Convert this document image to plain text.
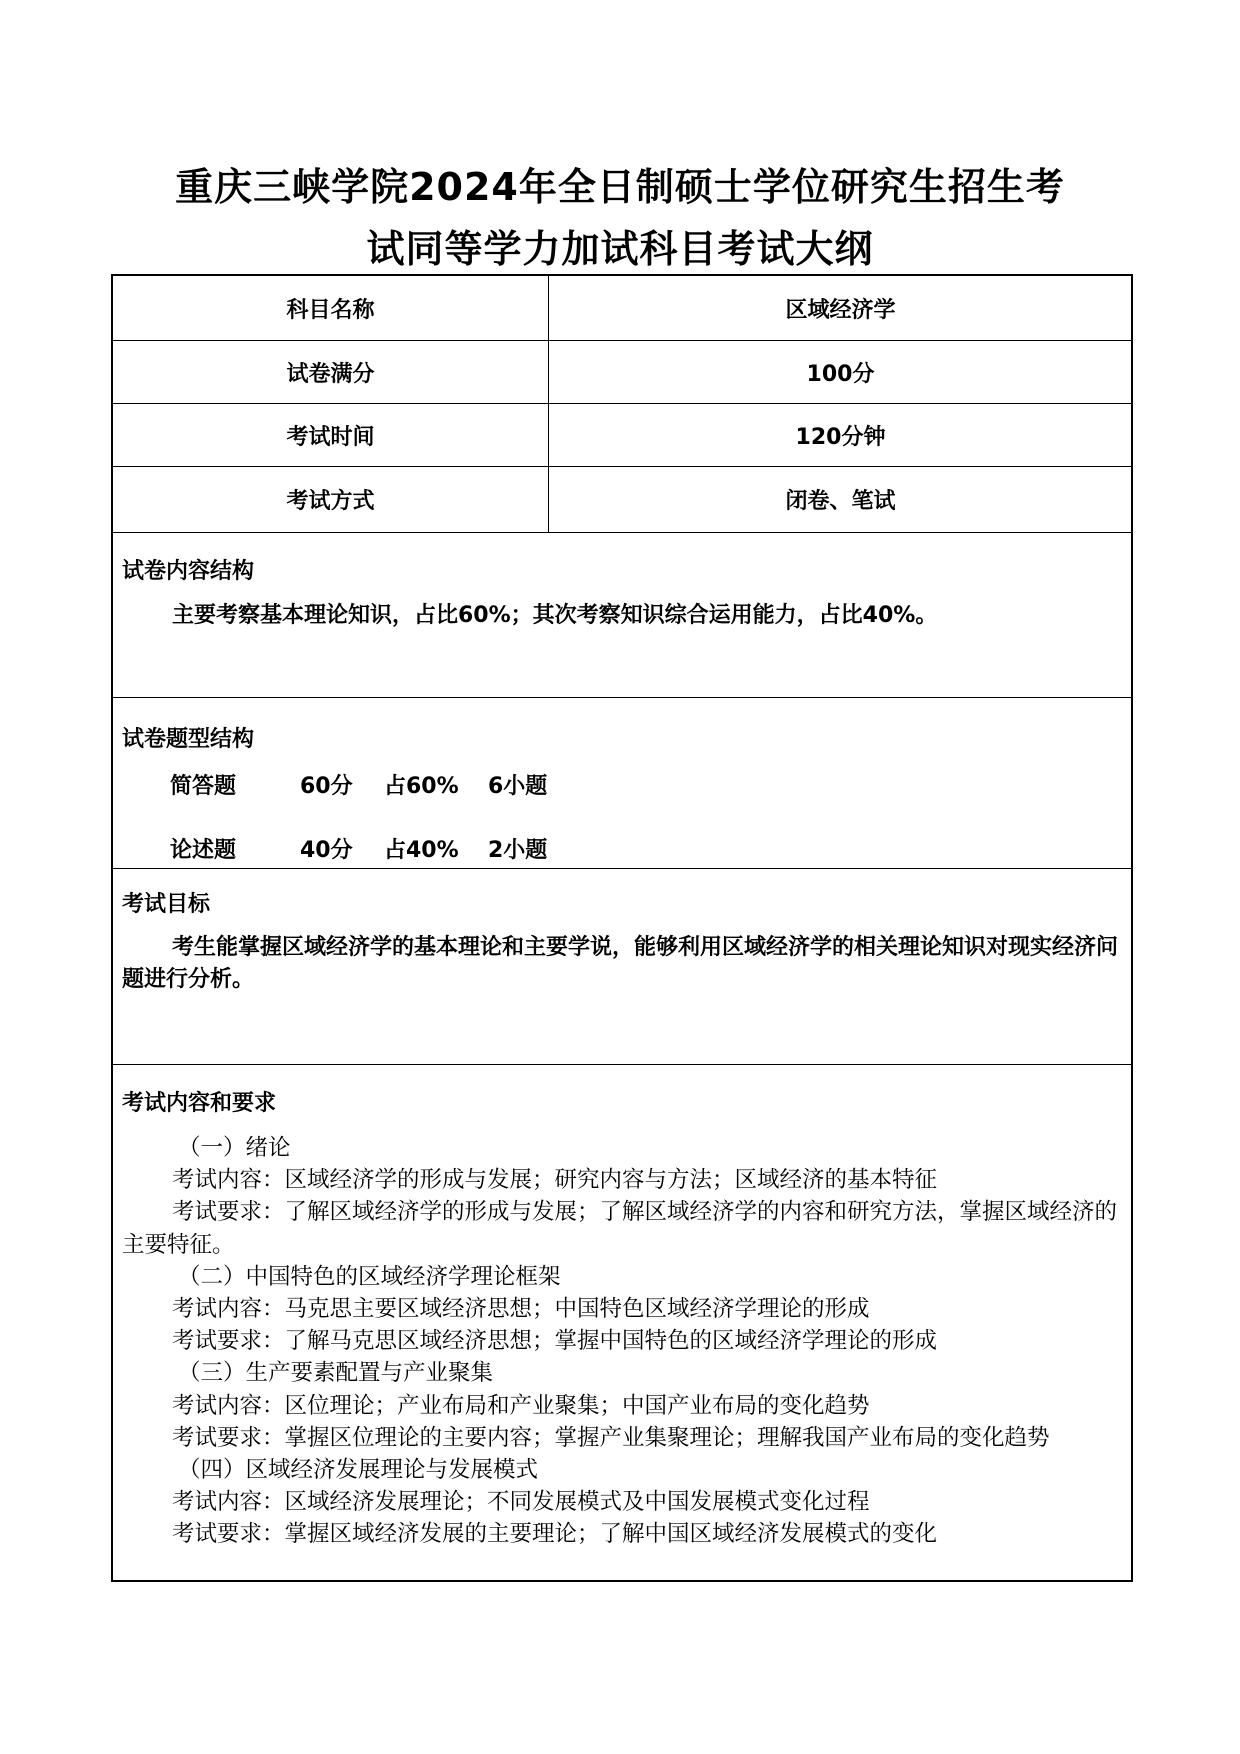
重庆三峡学院2024年全日制硕士学位研究生招生考
试同等学力加试科目考试大纲
科目名称	区域经济学
试卷满分	100分
考试时间	120分钟
考试方式	闭卷、笔试
试卷内容结构
主要考察基本理论知识，占比60%；其次考察知识综合运用能力，占比40%。
试卷题型结构
简答题	60分	占60%	6小题
论述题	40分	占40%	2小题
考试目标
考生能掌握区域经济学的基本理论和主要学说，能够利用区域经济学的相关理论知识对现实经济问题进行分析。
考试内容和要求
（一）绪论
考试内容：区域经济学的形成与发展；研究内容与方法；区域经济的基本特征
考试要求：了解区域经济学的形成与发展；了解区域经济学的内容和研究方法，掌握区域经济的主要特征。
（二）中国特色的区域经济学理论框架
考试内容：马克思主要区域经济思想；中国特色区域经济学理论的形成
考试要求：了解马克思区域经济思想；掌握中国特色的区域经济学理论的形成
（三）生产要素配置与产业聚集
考试内容：区位理论；产业布局和产业聚集；中国产业布局的变化趋势
考试要求：掌握区位理论的主要内容；掌握产业集聚理论；理解我国产业布局的变化趋势
（四）区域经济发展理论与发展模式
考试内容：区域经济发展理论；不同发展模式及中国发展模式变化过程
考试要求：掌握区域经济发展的主要理论；了解中国区域经济发展模式的变化
